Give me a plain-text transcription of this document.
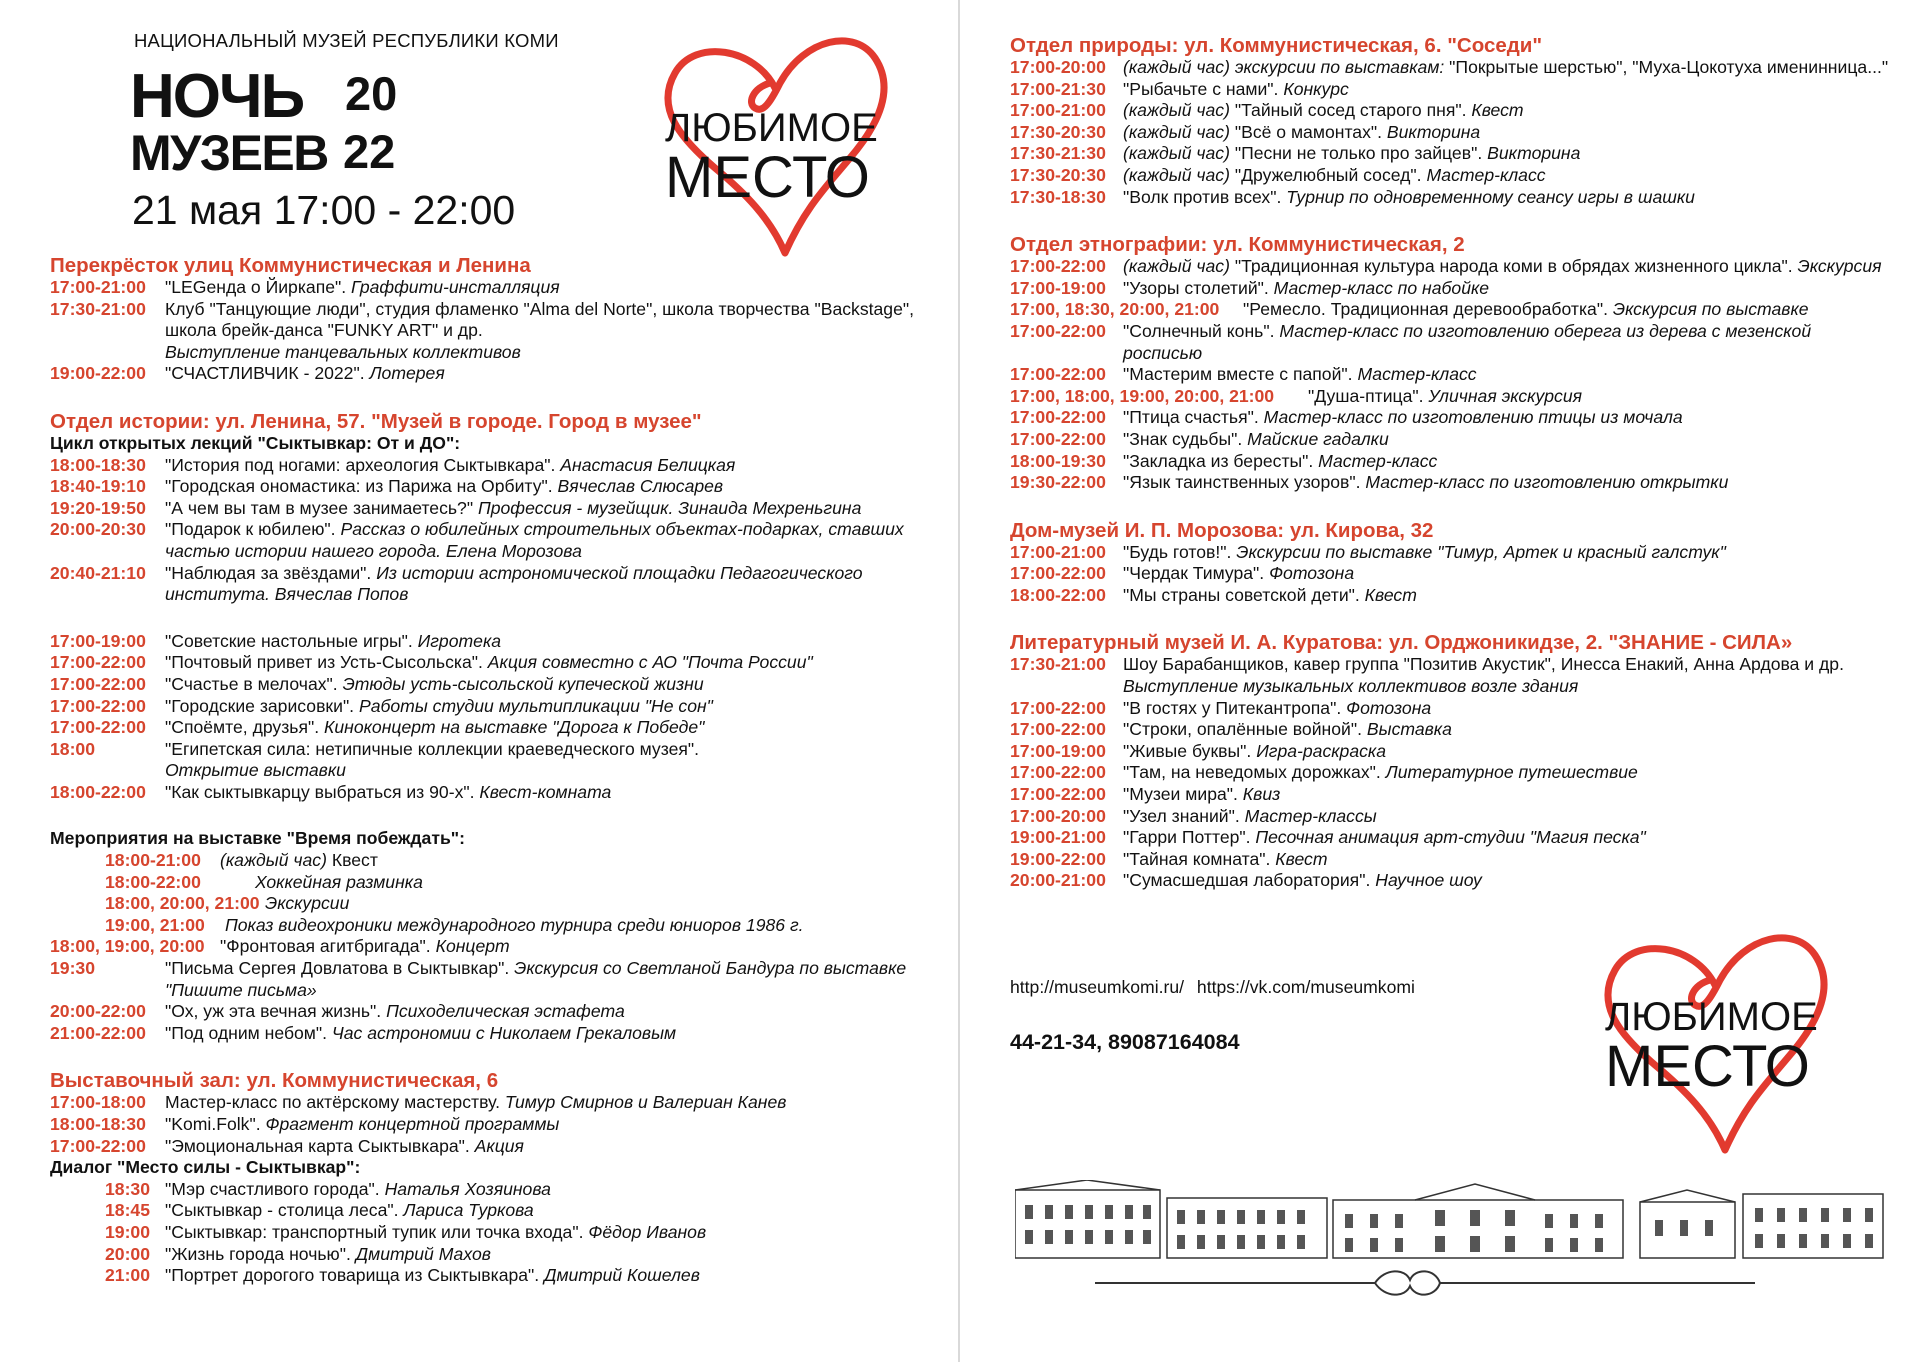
НАЦИОНАЛЬНЫЙ МУЗЕЙ РЕСПУБЛИКИ КОМИ
НОЧЬ 20
МУЗЕЕВ 22
21 мая 17:00 - 22:00
ЛЮБИМОЕ
МЕСТО
Перекрёсток улиц Коммунистическая и Ленина
17:00-21:00	"LEGенда о Йиркапе". Граффити-инсталляция
17:30-21:00	Клуб "Танцующие люди", студия фламенко "Alma del Norte", школа творчества "Backstage", школа брейк-данса "FUNKY ART" и др.
Выступление танцевальных коллективов
19:00-22:00	"СЧАСТЛИВЧИК - 2022". Лотерея
Отдел истории: ул. Ленина, 57. "Музей в городе. Город в музее"
Цикл открытых лекций "Сыктывкар: От и ДО":
18:00-18:30	"История под ногами: археология Сыктывкара". Анастасия Белицкая
18:40-19:10	"Городская ономастика: из Парижа на Орбиту". Вячеслав Слюсарев
19:20-19:50	"А чем вы там в музее занимаетесь?" Профессия - музейщик. Зинаида Мехреньгина
20:00-20:30	"Подарок к юбилею". Рассказ о юбилейных строительных объектах-подарках, ставших частью истории нашего города. Елена Морозова
20:40-21:10	"Наблюдая за звёздами". Из истории астрономической площадки Педагогического института. Вячеслав Попов
17:00-19:00	"Советские настольные игры". Игротека
17:00-22:00	"Почтовый привет из Усть-Сысольска". Акция совместно с АО "Почта России"
17:00-22:00	"Счастье в мелочах". Этюды усть-сысольской купеческой жизни
17:00-22:00	"Городские зарисовки". Работы студии мультипликации "Не сон"
17:00-22:00	"Споёмте, друзья". Киноконцерт на выставке "Дорога к Победе"
18:00	"Египетская сила: нетипичные коллекции краеведческого музея".
Открытие выставки
18:00-22:00	"Как сыктывкарцу выбраться из 90-х". Квест-комната
Мероприятия на выставке "Время побеждать":
18:00-21:00	(каждый час) Квест
18:00-22:00	Хоккейная разминка
18:00, 20:00, 21:00 Экскурсии
19:00, 21:00	Показ видеохроники международного турнира среди юниоров 1986 г.
18:00, 19:00, 20:00 "Фронтовая агитбригада". Концерт
19:30	"Письма Сергея Довлатова в Сыктывкар". Экскурсия со Светланой Бандура по выставке "Пишите письма»
20:00-22:00	"Ох, уж эта вечная жизнь". Психоделическая эстафета
21:00-22:00	"Под одним небом". Час астрономии с Николаем Грекаловым
Выставочный зал: ул. Коммунистическая, 6
17:00-18:00	Мастер-класс по актёрскому мастерству. Тимур Смирнов и Валериан Канев
18:00-18:30	"Komi.Folk". Фрагмент концертной программы
17:00-22:00	"Эмоциональная карта Сыктывкара". Акция
Диалог "Место силы - Сыктывкар":
18:30 "Мэр счастливого города". Наталья Хозяинова
18:45 "Сыктывкар - столица леса". Лариса Туркова
19:00 "Сыктывкар: транспортный тупик или точка входа". Фёдор Иванов
20:00 "Жизнь города ночью". Дмитрий Махов
21:00 "Портрет дорогого товарища из Сыктывкара". Дмитрий Кошелев
Отдел природы: ул. Коммунистическая, 6. "Соседи"
17:00-20:00 (каждый час) экскурсии по выставкам: "Покрытые шерстью", "Муха-Цокотуха именинница..."
17:00-21:30 "Рыбачьте с нами". Конкурс
17:00-21:00 (каждый час) "Тайный сосед старого пня". Квест
17:30-20:30 (каждый час) "Всё о мамонтах". Викторина
17:30-21:30 (каждый час) "Песни не только про зайцев". Викторина
17:30-20:30 (каждый час) "Дружелюбный сосед". Мастер-класс
17:30-18:30 "Волк против всех". Турнир по одновременному сеансу игры в шашки
Отдел этнографии: ул. Коммунистическая, 2
17:00-22:00 (каждый час) "Традиционная культура народа коми в обрядах жизненного цикла". Экскурсия
17:00-19:00 "Узоры столетий". Мастер-класс по набойке
17:00, 18:30, 20:00, 21:00	"Ремесло. Традиционная деревообработка". Экскурсия по выставке
17:00-22:00 "Солнечный конь". Мастер-класс по изготовлению оберега из дерева с мезенской росписью
17:00-22:00 "Мастерим вместе с папой". Мастер-класс
17:00, 18:00, 19:00, 20:00, 21:00	"Душа-птица". Уличная экскурсия
17:00-22:00 "Птица счастья". Мастер-класс по изготовлению птицы из мочала
17:00-22:00 "Знак судьбы". Майские гадалки
18:00-19:30 "Закладка из бересты". Мастер-класс
19:30-22:00 "Язык таинственных узоров". Мастер-класс по изготовлению открытки
Дом-музей И. П. Морозова: ул. Кирова, 32
17:00-21:00 "Будь готов!". Экскурсии по выставке "Тимур, Артек и красный галстук"
17:00-22:00 "Чердак Тимура". Фотозона
18:00-22:00 "Мы страны советской дети". Квест
Литературный музей И. А. Куратова: ул. Орджоникидзе, 2. "ЗНАНИЕ - СИЛА»
17:30-21:00 Шоу Барабанщиков, кавер группа "Позитив Акустик", Инесса Енакий, Анна Ардова и др. Выступление музыкальных коллективов возле здания
17:00-22:00 "В гостях у Питекантропа". Фотозона
17:00-22:00 "Строки, опалённые войной". Выставка
17:00-19:00 "Живые буквы". Игра-раскраска
17:00-22:00 "Там, на неведомых дорожках". Литературное путешествие
17:00-22:00 "Музеи мира". Квиз
17:00-20:00 "Узел знаний". Мастер-классы
19:00-21:00 "Гарри Поттер". Песочная анимация арт-студии "Магия песка"
19:00-22:00 "Тайная комната". Квест
20:00-21:00 "Сумасшедшая лаборатория". Научное шоу
ЛЮБИМОЕ
МЕСТО
http://museumkomi.ru/ https://vk.com/museumkomi
44-21-34, 8908716408‬4
